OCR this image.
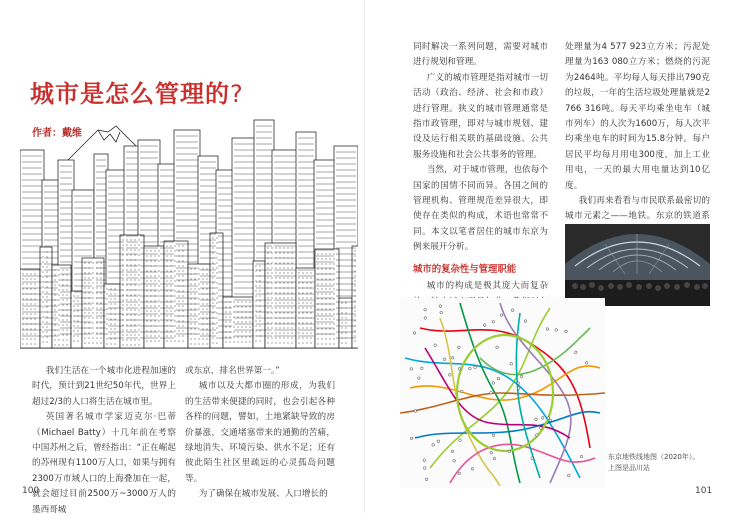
城市是怎么管理的?
作者：戴维

我们生活在一个城市化进程加速的时代，预计到21世纪50年代，世界上超过2/3的人口将生活在城市里。

英国著名城市学家迈克尔·巴蒂（Michael Batty）十几年前在考察中国苏州之后，曾经指出：“正在崛起的苏州现有1100万人口，如果与拥有2300万市域人口的上海叠加在一起，就会超过目前2500万~3000万人的墨西哥城

或东京，排名世界第一。”

城市以及大都市圈的形成，为我们的生活带来便捷的同时，也会引起各种各样的问题，譬如，土地紧缺导致的房价暴涨，交通堵塞带来的通勤的苦痛，绿地消失、环境污染、供水不足；还有彼此陌生社区里疏远的心灵孤岛问题等。

为了确保在城市发展、人口增长的

100

同时解决一系列问题，需要对城市进行规划和管理。

广义的城市管理是指对城市一切活动（政治、经济、社会和市政）进行管理。狭义的城市管理通常是指市政管理，即对与城市规划、建设及运行相关联的基础设施、公共服务设施和社会公共事务的管理。

当然，对于城市管理，也依每个国家的国情不同而异。各国之间的管理机构、管理规范差异很大，即使存在类似的构成，术语也常常不同。本文以笔者居住的城市东京为例来展开分析。

城市的复杂性与管理职能

城市的构成是极其庞大而复杂

处理量为4 577 923立方米；污泥处理量为163 080立方米；燃烧的污泥为2464吨。平均每人每天排出790克的垃圾，一年的生活垃圾处理量就是2 766 316吨。每天平均乘坐电车（城市列车）的人次为1600万，每人次平均乘坐电车的时间为15.8分钟。每户居民平均每月用电300度，加上工业用电，一天的最大用电量达到10亿度。

我们再来看看与市民联系最密切的城市元素之——地铁。东京的铁道系

东京地铁线地图（2020年）。
上图是品川站
101
